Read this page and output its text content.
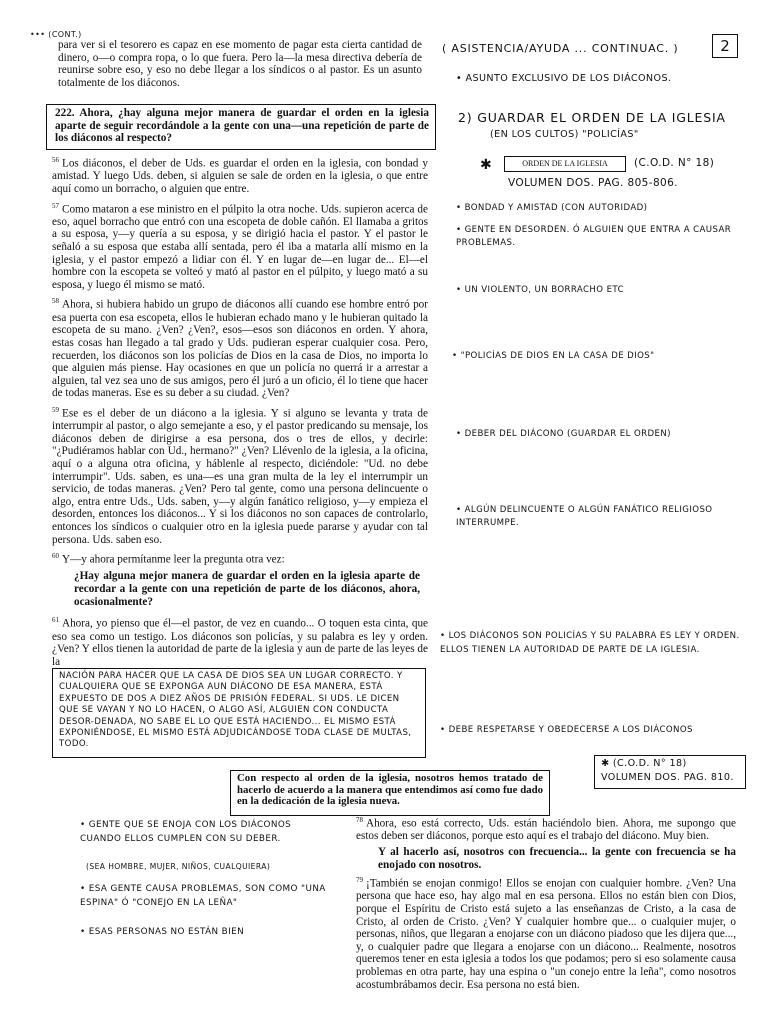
••• (CONT.)
( ASISTENCIA/AYUDA ... CONTINUAC. )	2
• ASUNTO EXCLUSIVO DE LOS DIÁCONOS.
para ver si el tesorero es capaz en ese momento de pagar esta cierta cantidad de dinero, o—o compra ropa, o lo que fuera. Pero la—la mesa directiva debería de reunirse sobre eso, y eso no debe llegar a los síndicos o al pastor. Es un asunto totalmente de los diáconos.
222. Ahora, ¿hay alguna mejor manera de guardar el orden en la iglesia aparte de seguir recordándole a la gente con una—una repetición de parte de los diáconos al respecto?
$^{56}$ Los diáconos, el deber de Uds. es guardar el orden en la iglesia, con bondad y amistad. Y luego Uds. deben, si alguien se sale de orden en la iglesia, o que entre aquí como un borracho, o alguien que entre.
$^{57}$ Como mataron a ese ministro en el púlpito la otra noche. Uds. supieron acerca de eso, aquel borracho que entró con una escopeta de doble cañón. El llamaba a gritos a su esposa, y—y quería a su esposa, y se dirigió hacia el pastor. Y el pastor le señaló a su esposa que estaba allí sentada, pero él iba a matarla allí mismo en la iglesia, y el pastor empezó a lidiar con él. Y en lugar de—en lugar de... El—el hombre con la escopeta se volteó y mató al pastor en el púlpito, y luego mató a su esposa, y luego él mismo se mató.
$^{58}$ Ahora, si hubiera habido un grupo de diáconos allí cuando ese hombre entró por esa puerta con esa escopeta, ellos le hubieran echado mano y le hubieran quitado la escopeta de su mano. ¿Ven? ¿Ven?, esos—esos son diáconos en orden. Y ahora, estas cosas han llegado a tal grado y Uds. pudieran esperar cualquier cosa. Pero, recuerden, los diáconos son los policías de Dios en la casa de Dios, no importa lo que alguien más piense. Hay ocasiones en que un policía no querrá ir a arrestar a alguien, tal vez sea uno de sus amigos, pero él juró a un oficio, él lo tiene que hacer de todas maneras. Ese es su deber a su ciudad. ¿Ven?
$^{59}$ Ese es el deber de un diácono a la iglesia. Y si alguno se levanta y trata de interrumpir al pastor, o algo semejante a eso, y el pastor predicando su mensaje, los diáconos deben de dirigirse a esa persona, dos o tres de ellos, y decirle: "¿Pudiéramos hablar con Ud., hermano?" ¿Ven? Llévenlo de la iglesia, a la oficina, aquí o a alguna otra oficina, y háblenle al respecto, diciéndole: "Ud. no debe interrumpir". Uds. saben, es una—es una gran multa de la ley el interrumpir un servicio, de todas maneras. ¿Ven? Pero tal gente, como una persona delincuente o algo, entra entre Uds., Uds. saben, y—y algún fanático religioso, y—y empieza el desorden, entonces los diáconos... Y si los diáconos no son capaces de controlarlo, entonces los síndicos o cualquier otro en la iglesia puede pararse y ayudar con tal persona. Uds. saben eso.
$^{60}$ Y—y ahora permítanme leer la pregunta otra vez:
¿Hay alguna mejor manera de guardar el orden en la iglesia aparte de recordar a la gente con una repetición de parte de los diáconos, ahora, ocasionalmente?
$^{61}$ Ahora, yo pienso que él—el pastor, de vez en cuando... O toquen esta cinta, que eso sea como un testigo. Los diáconos son policías, y su palabra es ley y orden. ¿Ven? Y ellos tienen la autoridad de parte de la iglesia y aun de parte de las leyes de la
NACIÓN PARA HACER QUE LA CASA DE DIOS SEA UN LUGAR CORRECTO. Y CUALQUIERA QUE SE EXPONGA AUN DIÁCONO DE ESA MANERA, ESTÁ EXPUESTO DE DOS A DIEZ AÑOS DE PRISIÓN FEDERAL. SI UDS. LE DICEN QUE SE VAYAN Y NO LO HACEN, O ALGO ASÍ, ALGUIEN CON CONDUCTA DESOR-DENADA, NO SABE EL LO QUE ESTÁ HACIENDO... EL MISMO ESTÁ EXPONIÉNDOSE, EL MISMO ESTÁ ADJUDICÁNDOSE TODA CLASE DE MULTAS, TODO.
Con respecto al orden de la iglesia, nosotros hemos tratado de hacerlo de acuerdo a la manera que entendimos así como fue dado en la dedicación de la iglesia nueva.
$^{78}$ Ahora, eso está correcto, Uds. están haciéndolo bien. Ahora, me supongo que estos deben ser diáconos, porque esto aquí es el trabajo del diácono. Muy bien.
Y al hacerlo así, nosotros con frecuencia... la gente con frecuencia se ha enojado con nosotros.
$^{79}$ ¡También se enojan conmigo! Ellos se enojan con cualquier hombre. ¿Ven? Una persona que hace eso, hay algo mal en esa persona. Ellos no están bien con Dios, porque el Espíritu de Cristo está sujeto a las enseñanzas de Cristo, a la casa de Cristo, al orden de Cristo. ¿Ven? Y cualquier hombre que... o cualquier mujer, o personas, niños, que llegaran a enojarse con un diácono piadoso que les dijera que..., y, o cualquier padre que llegara a enojarse con un diácono... Realmente, nosotros queremos tener en esta iglesia a todos los que podamos; pero si eso solamente causa problemas en otra parte, hay una espina o "un conejo entre la leña", como nosotros acostumbrábamos decir. Esa persona no está bien.
2) GUARDAR EL ORDEN DE LA IGLESIA
(EN LOS CULTOS) "POLICÍAS"
✱	ORDEN DE LA IGLESIA	(C.O.D. N° 18)
VOLUMEN DOS. PAG. 805-806.
• BONDAD Y AMISTAD (CON AUTORIDAD)
• GENTE EN DESORDEN. Ó ALGUIEN QUE ENTRA A CAUSAR PROBLEMAS.
• UN VIOLENTO, UN BORRACHO ETC
• "POLICÍAS DE DIOS EN LA CASA DE DIOS"
• DEBER DEL DIÁCONO (GUARDAR EL ORDEN)
• ALGÚN DELINCUENTE O ALGÚN FANÁTICO RELIGIOSO INTERRUMPE.
• LOS DIÁCONOS SON POLICÍAS Y SU PALABRA ES LEY Y ORDEN. ELLOS TIENEN LA AUTORIDAD DE PARTE DE LA IGLESIA.
• DEBE RESPETARSE Y OBEDECERSE A LOS DIÁCONOS
✱ (C.O.D. N° 18)
VOLUMEN DOS. PAG. 810.
• GENTE QUE SE ENOJA CON LOS DIÁCONOS CUANDO ELLOS CUMPLEN CON SU DEBER.
(SEA HOMBRE, MUJER, NIÑOS, CUALQUIERA)
• ESA GENTE CAUSA PROBLEMAS, SON COMO "UNA ESPINA" Ó "CONEJO EN LA LEÑA"
• ESAS PERSONAS NO ESTÁN BIEN
